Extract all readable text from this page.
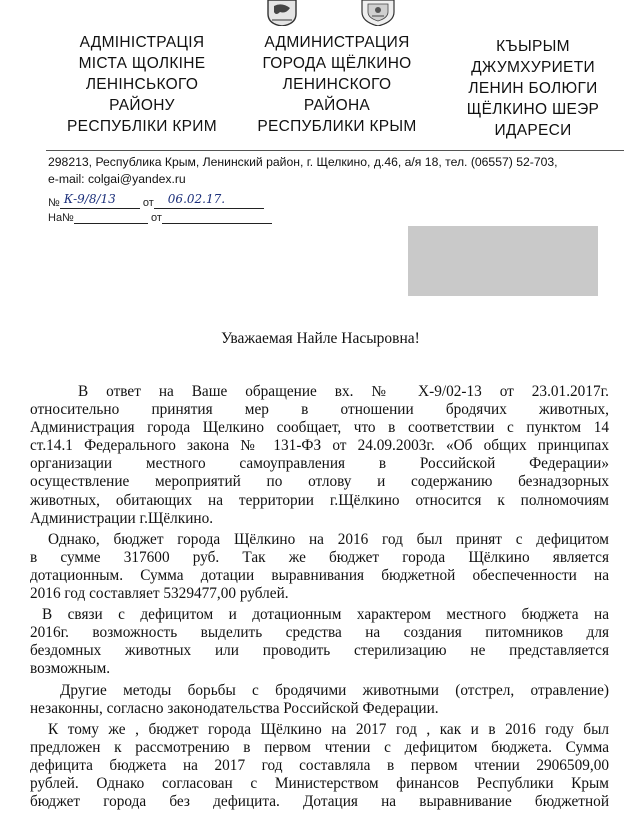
АДМІНІСТРАЦІЯ
МІСТА ЩОЛКІНЕ
ЛЕНІНСЬКОГО
РАЙОНУ
РЕСПУБЛІКИ КРИМ
АДМИНИСТРАЦИЯ
ГОРОДА ЩЁЛКИНО
ЛЕНИНСКОГО
РАЙОНА
РЕСПУБЛИКИ КРЫМ
КЪЫРЫМ
ДЖУМХУРИЕТИ
ЛЕНИН БОЛЮГИ
ЩЁЛКИНО ШЕЭР
ИДАРЕСИ
298213, Республика Крым, Ленинский район, г. Щелкино, д.46, а/я 18, тел. (06557) 52-703,
e-mail: colgai@yandex.ru
№ К-9/8/13 от 06.02.17.
На№	от
Уважаемая Найле Насыровна!
В ответ на Ваше обращение вх. № Х-9/02-13 от 23.01.2017г.
относительно принятия мер в отношении бродячих животных,
Администрация города Щелкино сообщает, что в соответствии с пунктом 14
ст.14.1 Федерального закона № 131-ФЗ от 24.09.2003г. «Об общих принципах
организации местного самоуправления в Российской Федерации»
осуществление мероприятий по отлову и содержанию безнадзорных
животных, обитающих на территории г.Щёлкино относится к полномочиям
Администрации г.Щёлкино.
Однако, бюджет города Щёлкино на 2016 год был принят с дефицитом
в сумме 317600 руб. Так же бюджет города Щёлкино является
дотационным. Сумма дотации выравнивания бюджетной обеспеченности на
2016 год составляет 5329477,00 рублей.
В связи с дефицитом и дотационным характером местного бюджета на
2016г. возможность выделить средства на создания питомников для
бездомных животных или проводить стерилизацию не представляется
возможным.
Другие методы борьбы с бродячими животными (отстрел, отравление)
незаконны, согласно законодательства Российской Федерации.
К тому же , бюджет города Щёлкино на 2017 год , как и в 2016 году был
предложен к рассмотрению в первом чтении с дефицитом бюджета. Сумма
дефицита бюджета на 2017 год составляла в первом чтении 2906509,00
рублей. Однако согласован с Министерством финансов Республики Крым
бюджет города без дефицита. Дотация на выравнивание бюджетной
